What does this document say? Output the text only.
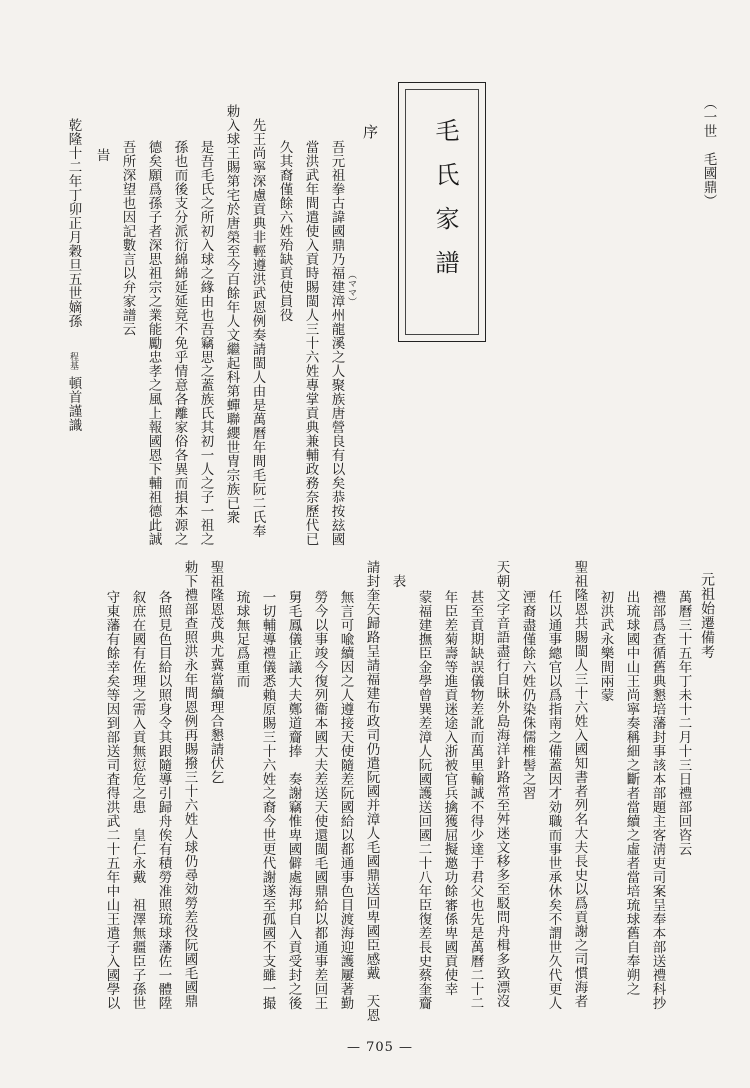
（一世　毛國鼎）
毛氏家譜
序
（ママ）
吾元祖拳古諱國鼎乃福建漳州龍溪之人聚族唐營良有以矣恭按玆國
當洪武年間遣使入貢時賜閩人三十六姓專掌貢典兼輔政務奈歷代已
久其裔僅餘六姓殆缺貢使員役
先王尚寧深慮貢典非輕遵洪武恩例奏請閩人由是萬曆年間毛阮二氏奉
勅入球王賜第宅於唐榮至今百餘年人文繼起科第蟬聯纓世冑宗族已衆
是吾毛氏之所初入球之緣由也吾竊思之蓋族氏其初一人之子一祖之
孫也而後支分派衍綿綿延延竟不免乎情意各離家俗各異而損本源之
德矣願爲孫子者深思祖宗之業能勵忠孝之風上報國恩下輔祖德此誠
吾所深望也因記數言以弁家譜云
旹
乾隆十二年丁卯正月穀旦五世嫡孫
程基
頓首謹識
元祖始遷備考
萬曆三十五年丁未十二月十三日禮部回咨云
禮部爲查循舊典懇培藩封事該本部題主客淸吏司案呈奉本部送禮科抄
出琉球國中山王尚寧奏稱細之斷者當續之虛者當培琉球舊自奉朔之
初洪武永樂間兩蒙
聖祖隆恩共賜閩人三十六姓入國知書者列名大夫長史以爲貢謝之司慣海者
任以通事總官以爲指南之備蓋因才効職而事世承休矣不謂世久代更人
湮裔盡僅餘六姓仍染侏儒椎髻之習
天朝文字音語盡行自昧外島海洋針路常至舛迷文移多至駁問舟楫多致漂沒
甚至貢期缺誤儀物差訛而萬里輸誠不得少達于君父也先是萬曆二十二
年臣差菊壽等進貢迷途入浙被官兵擒獲屈擬邀功餘審係卑國貢使幸
蒙福建撫臣金學曾巽差漳人阮國護送回國二十八年臣復差長史蔡奎齎
表
請封奎矢歸路呈請福建布政司仍遣阮國并漳人毛國鼎送回卑國臣感戴　天恩
無言可喩續因之人遵接天使隨差阮國給以都通事色目渡海迎護屢著勤
勞今以事竣今復列衞本國大夫差送天使還閩毛國鼎給以都通事差回王
舅毛鳳儀正議大夫鄭道齎捧　奏謝竊惟卑國僻處海邦自入貢受封之後
一切輔導禮儀悉賴原賜三十六姓之裔今世更代謝遂至孤國不支雖一撮
琉球無足爲重而
聖祖隆恩茂典尤冀當續理合懇請伏乞
勅下禮部查照洪永年間恩例再賜撥三十六姓人球仍尋効勞差役阮國毛國鼎
各照見色目給以照身令其跟隨導引歸舟俟有積勞准照琉球藩佐一體陞
叙庶在國有佐理之需入貢無愆危之患　皇仁永戴　祖澤無疆臣子孫世
守東藩有餘幸矣等因到部送司査得洪武二十五年中山王遣子入國學以
— 705 —
